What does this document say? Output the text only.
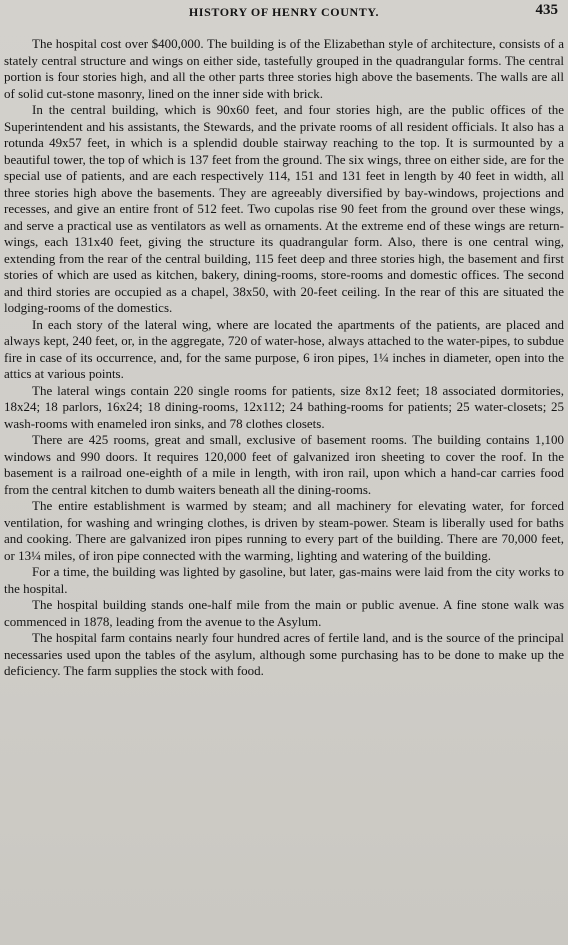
HISTORY OF HENRY COUNTY.	435

The hospital cost over $400,000. The building is of the Elizabethan style of architecture, consists of a stately central structure and wings on either side, tastefully grouped in the quadrangular forms. The central portion is four stories high, and all the other parts three stories high above the basements. The walls are all of solid cut-stone masonry, lined on the inner side with brick.

In the central building, which is 90x60 feet, and four stories high, are the public offices of the Superintendent and his assistants, the Stewards, and the private rooms of all resident officials. It also has a rotunda 49x57 feet, in which is a splendid double stairway reaching to the top. It is surmounted by a beautiful tower, the top of which is 137 feet from the ground. The six wings, three on either side, are for the special use of patients, and are each respectively 114, 151 and 131 feet in length by 40 feet in width, all three stories high above the basements. They are agreeably diversified by bay-windows, projections and recesses, and give an entire front of 512 feet. Two cupolas rise 90 feet from the ground over these wings, and serve a practical use as ventilators as well as ornaments. At the extreme end of these wings are return-wings, each 131x40 feet, giving the structure its quadrangular form. Also, there is one central wing, extending from the rear of the central building, 115 feet deep and three stories high, the basement and first stories of which are used as kitchen, bakery, dining-rooms, store-rooms and domestic offices. The second and third stories are occupied as a chapel, 38x50, with 20-feet ceiling. In the rear of this are situated the lodging-rooms of the domestics.

In each story of the lateral wing, where are located the apartments of the patients, are placed and always kept, 240 feet, or, in the aggregate, 720 of water-hose, always attached to the water-pipes, to subdue fire in case of its occurrence, and, for the same purpose, 6 iron pipes, 1¼ inches in diameter, open into the attics at various points.

The lateral wings contain 220 single rooms for patients, size 8x12 feet; 18 associated dormitories, 18x24; 18 parlors, 16x24; 18 dining-rooms, 12x112; 24 bathing-rooms for patients; 25 water-closets; 25 wash-rooms with enameled iron sinks, and 78 clothes closets.

There are 425 rooms, great and small, exclusive of basement rooms. The building contains 1,100 windows and 990 doors. It requires 120,000 feet of galvanized iron sheeting to cover the roof. In the basement is a railroad one-eighth of a mile in length, with iron rail, upon which a hand-car carries food from the central kitchen to dumb waiters beneath all the dining-rooms.

The entire establishment is warmed by steam; and all machinery for elevating water, for forced ventilation, for washing and wringing clothes, is driven by steam-power. Steam is liberally used for baths and cooking. There are galvanized iron pipes running to every part of the building. There are 70,000 feet, or 13¼ miles, of iron pipe connected with the warming, lighting and watering of the building.

For a time, the building was lighted by gasoline, but later, gas-mains were laid from the city works to the hospital.

The hospital building stands one-half mile from the main or public avenue. A fine stone walk was commenced in 1878, leading from the avenue to the Asylum.

The hospital farm contains nearly four hundred acres of fertile land, and is the source of the principal necessaries used upon the tables of the asylum, although some purchasing has to be done to make up the deficiency. The farm supplies the stock with food.
